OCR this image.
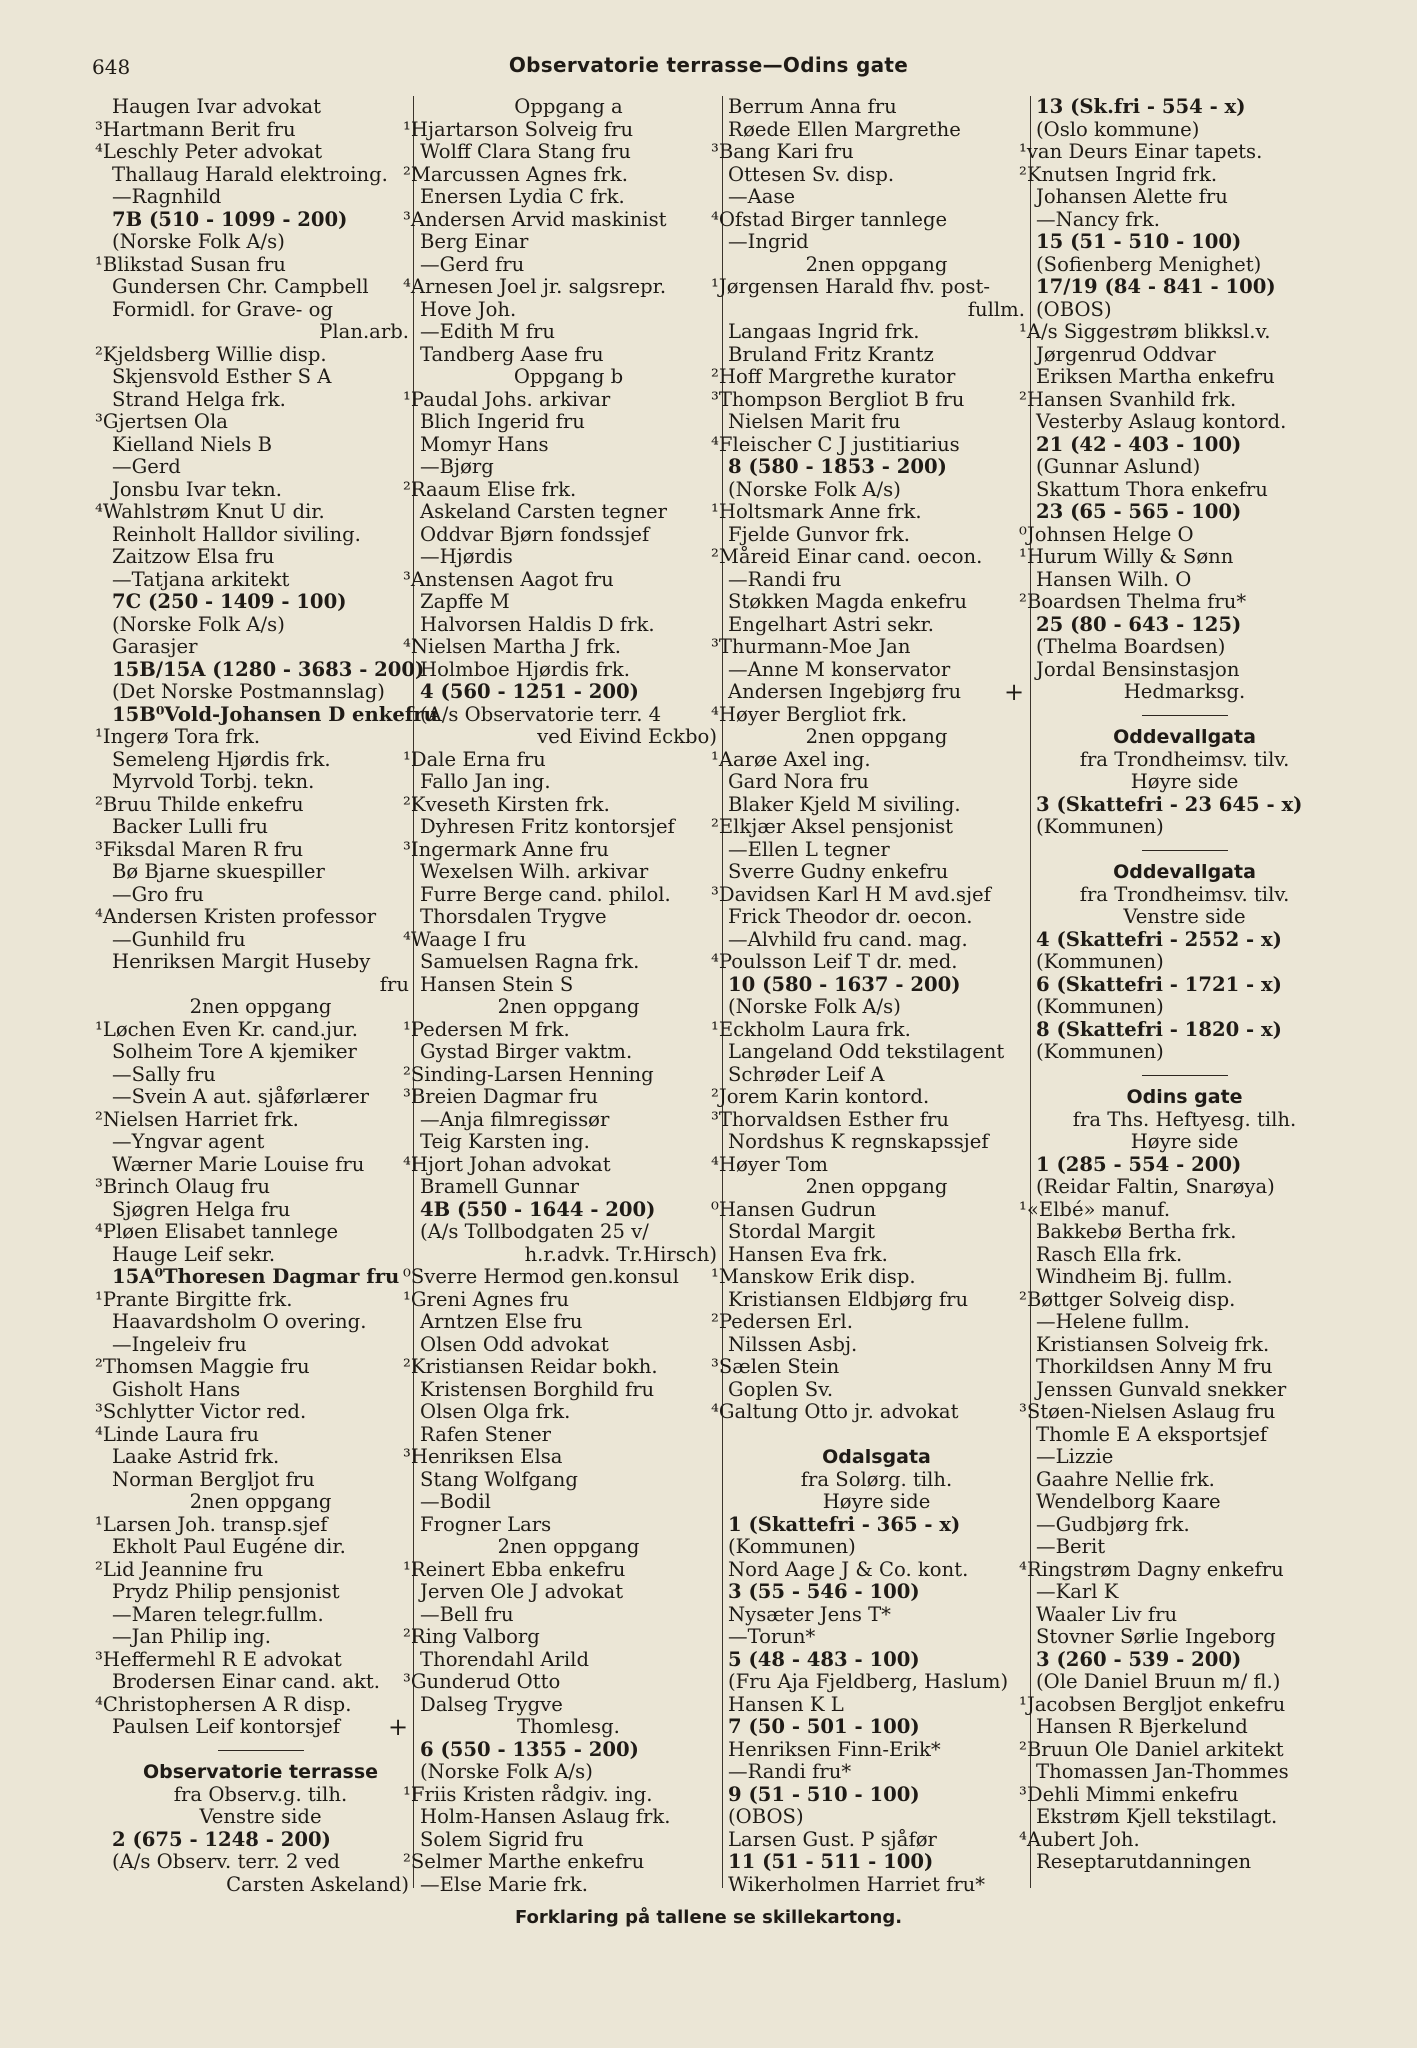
648	Observatorie terrasse—Odins gate
Haugen Ivar advokat
³Hartmann Berit fru
⁴Leschly Peter advokat
Thallaug Harald elektroing.
—Ragnhild
7B (510 - 1099 - 200)
(Norske Folk A/s)
¹Blikstad Susan fru
Gundersen Chr. Campbell
Formidl. for Grave- og
Plan.arb.
²Kjeldsberg Willie disp.
Skjensvold Esther S A
Strand Helga frk.
³Gjertsen Ola
Kielland Niels B
—Gerd
Jonsbu Ivar tekn.
⁴Wahlstrøm Knut U dir.
Reinholt Halldor siviling.
Zaitzow Elsa fru
—Tatjana arkitekt
7C (250 - 1409 - 100)
(Norske Folk A/s)
Garasjer
15B/15A (1280 - 3683 - 200)
(Det Norske Postmannslag)
15B⁰Vold-Johansen D enkefru
¹Ingerø Tora frk.
Semeleng Hjørdis frk.
Myrvold Torbj. tekn.
²Bruu Thilde enkefru
Backer Lulli fru
³Fiksdal Maren R fru
Bø Bjarne skuespiller
—Gro fru
⁴Andersen Kristen professor
—Gunhild fru
Henriksen Margit Huseby
fru
2nen oppgang
¹Løchen Even Kr. cand.jur.
Solheim Tore A kjemiker
—Sally fru
—Svein A aut. sjåførlærer
²Nielsen Harriet frk.
—Yngvar agent
Wærner Marie Louise fru
³Brinch Olaug fru
Sjøgren Helga fru
⁴Pløen Elisabet tannlege
Hauge Leif sekr.
15A⁰Thoresen Dagmar fru
¹Prante Birgitte frk.
Haavardsholm O overing.
—Ingeleiv fru
²Thomsen Maggie fru
Gisholt Hans
³Schlytter Victor red.
⁴Linde Laura fru
Laake Astrid frk.
Norman Bergljot fru
2nen oppgang
¹Larsen Joh. transp.sjef
Ekholt Paul Eugéne dir.
²Lid Jeannine fru
Prydz Philip pensjonist
—Maren telegr.fullm.
—Jan Philip ing.
³Heffermehl R E advokat
Brodersen Einar cand. akt.
⁴Christophersen A R disp.
Paulsen Leif kontorsjef
Observatorie terrasse
fra Observ.g. tilh.
Venstre side
2 (675 - 1248 - 200)
(A/s Observ. terr. 2 ved
Carsten Askeland)
Oppgang a
¹Hjartarson Solveig fru
Wolff Clara Stang fru
²Marcussen Agnes frk.
Enersen Lydia C frk.
³Andersen Arvid maskinist
Berg Einar
—Gerd fru
⁴Arnesen Joel jr. salgsrepr.
Hove Joh.
—Edith M fru
Tandberg Aase fru
Oppgang b
¹Paudal Johs. arkivar
Blich Ingerid fru
Momyr Hans
—Bjørg
²Raaum Elise frk.
Askeland Carsten tegner
Oddvar Bjørn fondssjef
—Hjørdis
³Anstensen Aagot fru
Zapffe M
Halvorsen Haldis D frk.
⁴Nielsen Martha J frk.
Holmboe Hjørdis frk.
4 (560 - 1251 - 200)
(A/s Observatorie terr. 4
ved Eivind Eckbo)
¹Dale Erna fru
Fallo Jan ing.
²Kveseth Kirsten frk.
Dyhresen Fritz kontorsjef
³Ingermark Anne fru
Wexelsen Wilh. arkivar
Furre Berge cand. philol.
Thorsdalen Trygve
⁴Waage I fru
Samuelsen Ragna frk.
Hansen Stein S
2nen oppgang
¹Pedersen M frk.
Gystad Birger vaktm.
²Sinding-Larsen Henning
³Breien Dagmar fru
—Anja filmregissør
Teig Karsten ing.
⁴Hjort Johan advokat
Bramell Gunnar
4B (550 - 1644 - 200)
(A/s Tollbodgaten 25 v/
h.r.advk. Tr.Hirsch)
⁰Sverre Hermod gen.konsul
¹Greni Agnes fru
Arntzen Else fru
Olsen Odd advokat
²Kristiansen Reidar bokh.
Kristensen Borghild fru
Olsen Olga frk.
Rafen Stener
³Henriksen Elsa
Stang Wolfgang
—Bodil
Frogner Lars
2nen oppgang
¹Reinert Ebba enkefru
Jerven Ole J advokat
—Bell fru
²Ring Valborg
Thorendahl Arild
³Gunderud Otto
Dalseg Trygve
+	Thomlesg.
6 (550 - 1355 - 200)
(Norske Folk A/s)
¹Friis Kristen rådgiv. ing.
Holm-Hansen Aslaug frk.
Solem Sigrid fru
²Selmer Marthe enkefru
—Else Marie frk.
Berrum Anna fru
Røede Ellen Margrethe
³Bang Kari fru
Ottesen Sv. disp.
—Aase
⁴Ofstad Birger tannlege
—Ingrid
2nen oppgang
¹Jørgensen Harald fhv. post-
fullm.
Langaas Ingrid frk.
Bruland Fritz Krantz
²Hoff Margrethe kurator
³Thompson Bergliot B fru
Nielsen Marit fru
⁴Fleischer C J justitiarius
8 (580 - 1853 - 200)
(Norske Folk A/s)
¹Holtsmark Anne frk.
Fjelde Gunvor frk.
²Måreid Einar cand. oecon.
—Randi fru
Støkken Magda enkefru
Engelhart Astri sekr.
³Thurmann-Moe Jan
—Anne M konservator
Andersen Ingebjørg fru
⁴Høyer Bergliot frk.
2nen oppgang
¹Aarøe Axel ing.
Gard Nora fru
Blaker Kjeld M siviling.
²Elkjær Aksel pensjonist
—Ellen L tegner
Sverre Gudny enkefru
³Davidsen Karl H M avd.sjef
Frick Theodor dr. oecon.
—Alvhild fru cand. mag.
⁴Poulsson Leif T dr. med.
10 (580 - 1637 - 200)
(Norske Folk A/s)
¹Eckholm Laura frk.
Langeland Odd tekstilagent
Schrøder Leif A
²Jorem Karin kontord.
³Thorvaldsen Esther fru
Nordshus K regnskapssjef
⁴Høyer Tom
2nen oppgang
⁰Hansen Gudrun
Stordal Margit
Hansen Eva frk.
¹Manskow Erik disp.
Kristiansen Eldbjørg fru
²Pedersen Erl.
Nilssen Asbj.
³Sælen Stein
Goplen Sv.
⁴Galtung Otto jr. advokat
Odalsgata
fra Solørg. tilh.
Høyre side
1 (Skattefri - 365 - x)
(Kommunen)
Nord Aage J & Co. kont.
3 (55 - 546 - 100)
Nysæter Jens T*
—Torun*
5 (48 - 483 - 100)
(Fru Aja Fjeldberg, Haslum)
Hansen K L
7 (50 - 501 - 100)
Henriksen Finn-Erik*
—Randi fru*
9 (51 - 510 - 100)
(OBOS)
Larsen Gust. P sjåfør
11 (51 - 511 - 100)
Wikerholmen Harriet fru*
13 (Sk.fri - 554 - x)
(Oslo kommune)
¹van Deurs Einar tapets.
²Knutsen Ingrid frk.
Johansen Alette fru
—Nancy frk.
15 (51 - 510 - 100)
(Sofienberg Menighet)
17/19 (84 - 841 - 100)
(OBOS)
¹A/s Siggestrøm blikksl.v.
Jørgenrud Oddvar
Eriksen Martha enkefru
²Hansen Svanhild frk.
Vesterby Aslaug kontord.
21 (42 - 403 - 100)
(Gunnar Aslund)
Skattum Thora enkefru
23 (65 - 565 - 100)
⁰Johnsen Helge O
¹Hurum Willy & Sønn
Hansen Wilh. O
²Boardsen Thelma fru*
25 (80 - 643 - 125)
(Thelma Boardsen)
Jordal Bensinstasjon
+	Hedmarksg.
Oddevallgata
fra Trondheimsv. tilv.
Høyre side
3 (Skattefri - 23 645 - x)
(Kommunen)
Oddevallgata
fra Trondheimsv. tilv.
Venstre side
4 (Skattefri - 2552 - x)
(Kommunen)
6 (Skattefri - 1721 - x)
(Kommunen)
8 (Skattefri - 1820 - x)
(Kommunen)
Odins gate
fra Ths. Heftyesg. tilh.
Høyre side
1 (285 - 554 - 200)
(Reidar Faltin, Snarøya)
¹«Elbé» manuf.
Bakkebø Bertha frk.
Rasch Ella frk.
Windheim Bj. fullm.
²Bøttger Solveig disp.
—Helene fullm.
Kristiansen Solveig frk.
Thorkildsen Anny M fru
Jenssen Gunvald snekker
³Støen-Nielsen Aslaug fru
Thomle E A eksportsjef
—Lizzie
Gaahre Nellie frk.
Wendelborg Kaare
—Gudbjørg frk.
—Berit
⁴Ringstrøm Dagny enkefru
—Karl K
Waaler Liv fru
Stovner Sørlie Ingeborg
3 (260 - 539 - 200)
(Ole Daniel Bruun m/ fl.)
¹Jacobsen Bergljot enkefru
Hansen R Bjerkelund
²Bruun Ole Daniel arkitekt
Thomassen Jan-Thommes
³Dehli Mimmi enkefru
Ekstrøm Kjell tekstilagt.
⁴Aubert Joh.
Reseptarutdanningen
Forklaring på tallene se skillekartong.
